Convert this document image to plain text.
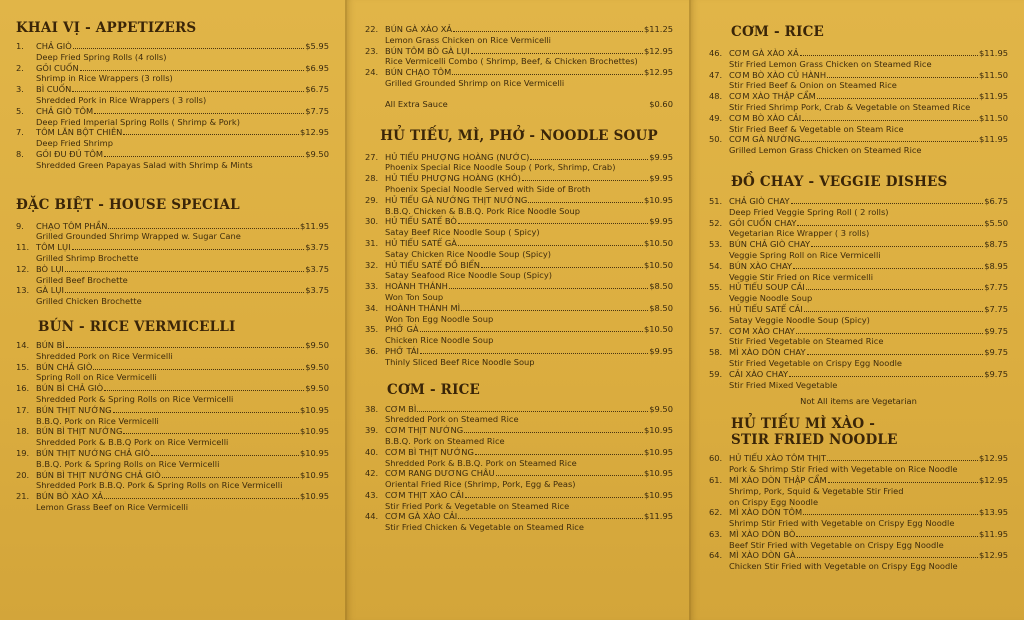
KHAI VỊ - APPETIZERS
1.	CHẢ GIÒ	$5.95
Deep Fried Spring Rolls (4 rolls)
2.	GỎI CUỐN	$6.95
Shrimp in Rice Wrappers (3 rolls)
3.	BÌ CUỐN	$6.75
Shredded Pork in Rice Wrappers ( 3 rolls)
5.	CHẢ GIÒ TÔM	$7.75
Deep Fried Imperial Spring Rolls ( Shrimp & Pork)
7.	TÔM LĂN BỘT CHIÊN	$12.95
Deep Fried Shrimp
8.	GỎI ĐU ĐỦ TÔM	$9.50
Shredded Green Papayas Salad with Shrimp & Mints
ĐẶC BIỆT - HOUSE SPECIAL
9.	CHẠO TÔM PHẦN	$11.95
Grilled Grounded Shrimp Wrapped w. Sugar Cane
11. TÔM LỤI	$3.75
Grilled Shrimp Brochette
12. BÒ LỤI	$3.75
Grilled Beef Brochette
13. GÀ LỤI	$3.75
Grilled Chicken Brochette
BÚN - RICE VERMICELLI
14. BÚN BÌ	$9.50
Shredded Pork on Rice Vermicelli
15. BÚN CHẢ GIÒ	$9.50
Spring Roll on Rice Vermicelli
16. BÚN BÌ CHẢ GIÒ	$9.50
Shredded Pork & Spring Rolls on Rice Vermicelli
17. BÚN THỊT NƯỚNG	$10.95
B.B.Q. Pork on Rice Vermicelli
18. BÚN BÌ THỊT NƯỚNG	$10.95
Shredded Pork & B.B.Q Pork on Rice Vermicelli
19. BÚN THỊT NƯỚNG CHẢ GIÒ	$10.95
B.B.Q. Pork & Spring Rolls on Rice Vermicelli
20. BÚN BÌ THỊT NƯỚNG CHẢ GIÒ	$10.95
Shredded Pork B.B.Q. Pork & Spring Rolls on Rice Vermicelli
21. BÚN BÒ XÀO XẢ	$10.95
Lemon Grass Beef on Rice Vermicelli
22. BÚN GÀ XÀO XẢ	$11.25
Lemon Grass Chicken on Rice Vermicelli
23. BÚN TÔM BÒ GÀ LỤI	$12.95
Rice Vermicelli Combo ( Shrimp, Beef, & Chicken Brochettes)
24. BÚN CHẠO TÔM	$12.95
Grilled Grounded Shrimp on Rice Vermicelli
All Extra Sauce	$0.60
HỦ TIẾU, MÌ, PHỞ - NOODLE SOUP
27. HỦ TIẾU PHƯỢNG HOÀNG (NƯỚC)	$9.95
Phoenix Special Rice Noodle Soup ( Pork, Shrimp, Crab)
28. HỦ TIẾU PHƯỢNG HOÀNG (KHÔ)	$9.95
Phoenix Special Noodle Served with Side of Broth
29. HỦ TIẾU GÀ NƯỚNG THỊT NƯỚNG	$10.95
B.B.Q. Chicken & B.B.Q. Pork Rice Noodle Soup
30. HỦ TIẾU SATẾ BÒ	$9.95
Satay Beef Rice Noodle Soup ( Spicy)
31. HỦ TIẾU SATẾ GÀ	$10.50
Satay Chicken Rice Noodle Soup (Spicy)
32. HỦ TIẾU SATẾ ĐỒ BIỂN	$10.50
Satay Seafood Rice Noodle Soup (Spicy)
33. HOÀNH THÁNH	$8.50
Won Ton Soup
34. HOÀNH THÁNH MÌ	$8.50
Won Ton Egg Noodle Soup
35. PHỞ GÀ	$10.50
Chicken Rice Noodle Soup
36. PHỞ TÁI	$9.95
Thinly Sliced Beef Rice Noodle Soup
CƠM - RICE
38. CƠM BÌ	$9.50
Shredded Pork on Steamed Rice
39. CƠM THỊT NƯỚNG	$10.95
B.B.Q. Pork on Steamed Rice
40. CƠM BÌ THỊT NƯỚNG	$10.95
Shredded Pork & B.B.Q. Pork on Steamed Rice
42. CƠM RANG DƯƠNG CHÂU	$10.95
Oriental Fried Rice (Shrimp, Pork, Egg & Peas)
43. CƠM THỊT XÀO CẢI	$10.95
Stir Fried Pork & Vegetable on Steamed Rice
44. CƠM GÀ XÀO CẢI	$11.95
Stir Fried Chicken & Vegetable on Steamed Rice
CƠM - RICE
46. CƠM GÀ XÀO XẢ	$11.95
Stir Fried Lemon Grass Chicken on Steamed Rice
47. CƠM BÒ XÀO CỦ HÀNH	$11.50
Stir Fried Beef & Onion on Steamed Rice
48. CƠM XÀO THẬP CẨM	$11.95
Stir Fried Shrimp Pork, Crab & Vegetable on Steamed Rice
49. CƠM BÒ XÀO CẢI	$11.50
Stir Fried Beef & Vegetable on Steam Rice
50. CƠM GÀ NƯỚNG	$11.95
Grilled Lemon Grass Chicken on Steamed Rice
ĐỒ CHAY - VEGGIE DISHES
51. CHẢ GIÒ CHAY	$6.75
Deep Fried Veggie Spring Roll ( 2 rolls)
52. GỎI CUỐN CHAY	$5.50
Vegetarian Rice Wrapper ( 3 rolls)
53. BÚN CHẢ GIÒ CHAY	$8.75
Veggie Spring Roll on Rice Vermicelli
54. BÚN XÀO CHAY	$8.95
Veggie Stir Fried on Rice vermicelli
55. HỦ TIẾU SOUP CẢI	$7.75
Veggie Noodle Soup
56. HỦ TIẾU SATẾ CẢI	$7.75
Satay Veggie Noodle Soup (Spicy)
57. CƠM XÀO CHAY	$9.75
Stir Fried Vegetable on Steamed Rice
58. MÌ XÀO DÒN CHAY	$9.75
Stir Fried Vegetable on Crispy Egg Noodle
59. CẢI XÀO CHAY	$9.75
Stir Fried Mixed Vegetable
Not All items are Vegetarian
HỦ TIẾU MÌ XÀO -
STIR FRIED NOODLE
60. HỦ TIẾU XÀO TÔM THỊT	$12.95
Pork & Shrimp Stir Fried with Vegetable on Rice Noodle
61. MÌ XÀO DÒN THẬP CẨM	$12.95
Shrimp, Pork, Squid & Vegetable Stir Fried
on Crispy Egg Noodle
62. MÌ XÀO DÒN TÔM	$13.95
Shrimp Stir Fried with Vegetable on Crispy Egg Noodle
63. MÌ XÀO DÒN BÒ	$11.95
Beef Stir Fried with Vegetable on Crispy Egg Noodle
64. MÌ XÀO DÒN GÀ	$12.95
Chicken Stir Fried with Vegetable on Crispy Egg Noodle
